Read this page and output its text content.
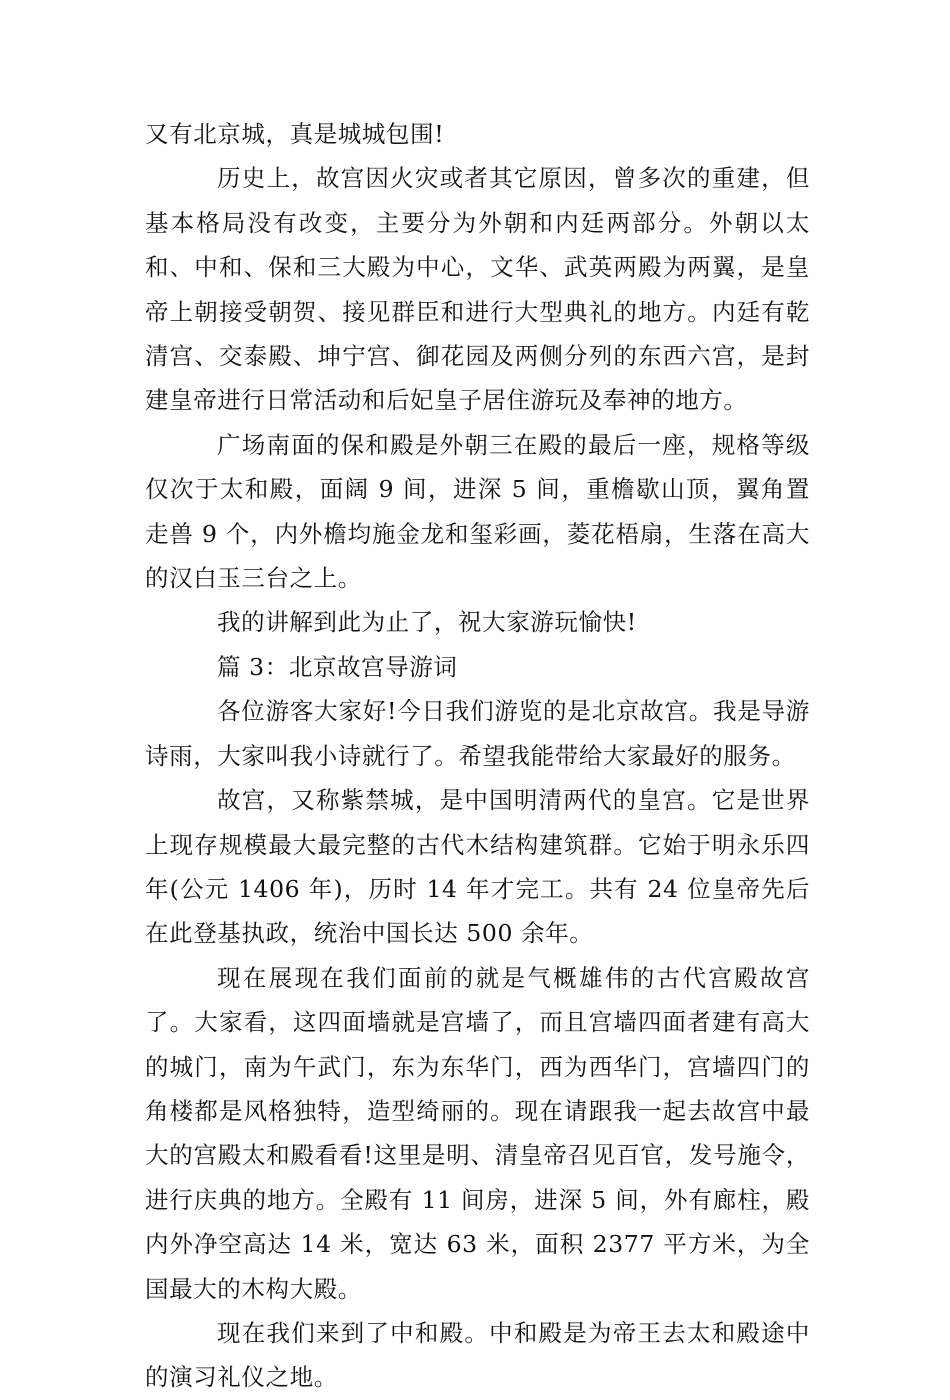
又有北京城，真是城城包围!

历史上，故宫因火灾或者其它原因，曾多次的重建，但基本格局没有改变，主要分为外朝和内廷两部分。外朝以太和、中和、保和三大殿为中心，文华、武英两殿为两翼，是皇帝上朝接受朝贺、接见群臣和进行大型典礼的地方。内廷有乾清宫、交泰殿、坤宁宫、御花园及两侧分列的东西六宫，是封建皇帝进行日常活动和后妃皇子居住游玩及奉神的地方。

广场南面的保和殿是外朝三在殿的最后一座，规格等级仅次于太和殿，面阔 9 间，进深 5 间，重檐歇山顶，翼角置走兽 9 个，内外檐均施金龙和玺彩画，菱花梧扇，生落在高大的汉白玉三台之上。

我的讲解到此为止了，祝大家游玩愉快!

篇 3：北京故宫导游词

各位游客大家好!今日我们游览的是北京故宫。我是导游诗雨，大家叫我小诗就行了。希望我能带给大家最好的服务。

故宫，又称紫禁城，是中国明清两代的皇宫。它是世界上现存规模最大最完整的古代木结构建筑群。它始于明永乐四年(公元 1406 年)，历时 14 年才完工。共有 24 位皇帝先后在此登基执政，统治中国长达 500 余年。

现在展现在我们面前的就是气概雄伟的古代宫殿故宫了。大家看，这四面墙就是宫墙了，而且宫墙四面者建有高大的城门，南为午武门，东为东华门，西为西华门，宫墙四门的角楼都是风格独特，造型绮丽的。现在请跟我一起去故宫中最大的宫殿太和殿看看!这里是明、清皇帝召见百官，发号施令，进行庆典的地方。全殿有 11 间房，进深 5 间，外有廊柱，殿内外净空高达 14 米，宽达 63 米，面积 2377 平方米，为全国最大的木构大殿。

现在我们来到了中和殿。中和殿是为帝王去太和殿途中的演习礼仪之地。
